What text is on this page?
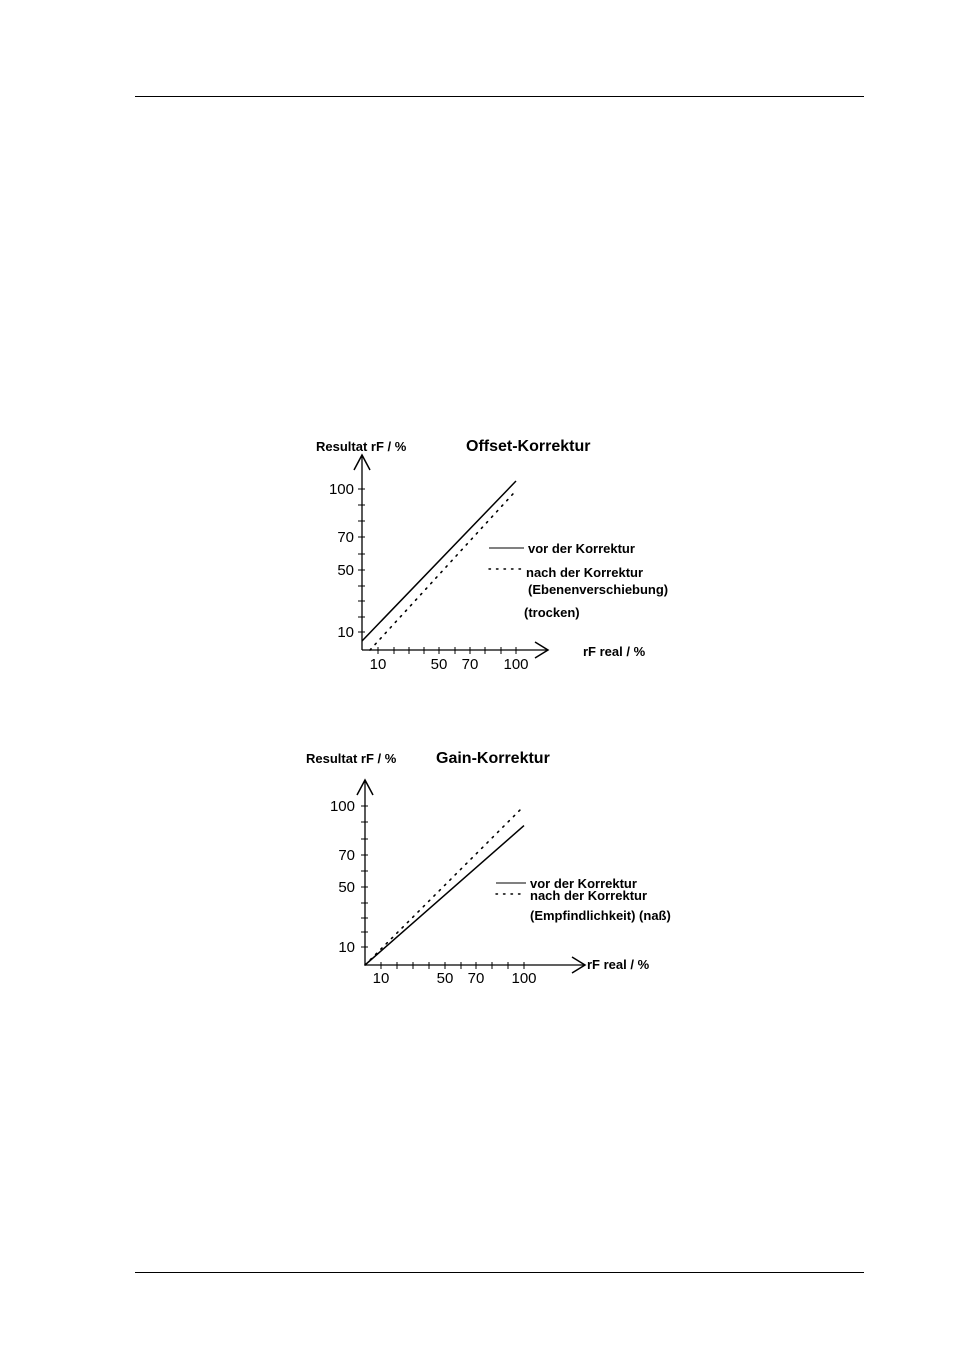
10	50 70 100
100
70
50
10
Offset-Korrektur
Resultat rF / %
rF real / %
vor der Korrektur
nach der Korrektur
(Ebenenverschiebung)
(trocken)
10	50 70 100
100
70
50
10
Gain-Korrektur
Resultat rF / %
rF real / %
vor der Korrektur
nach der Korrektur
(Empfindlichkeit) (naß)
